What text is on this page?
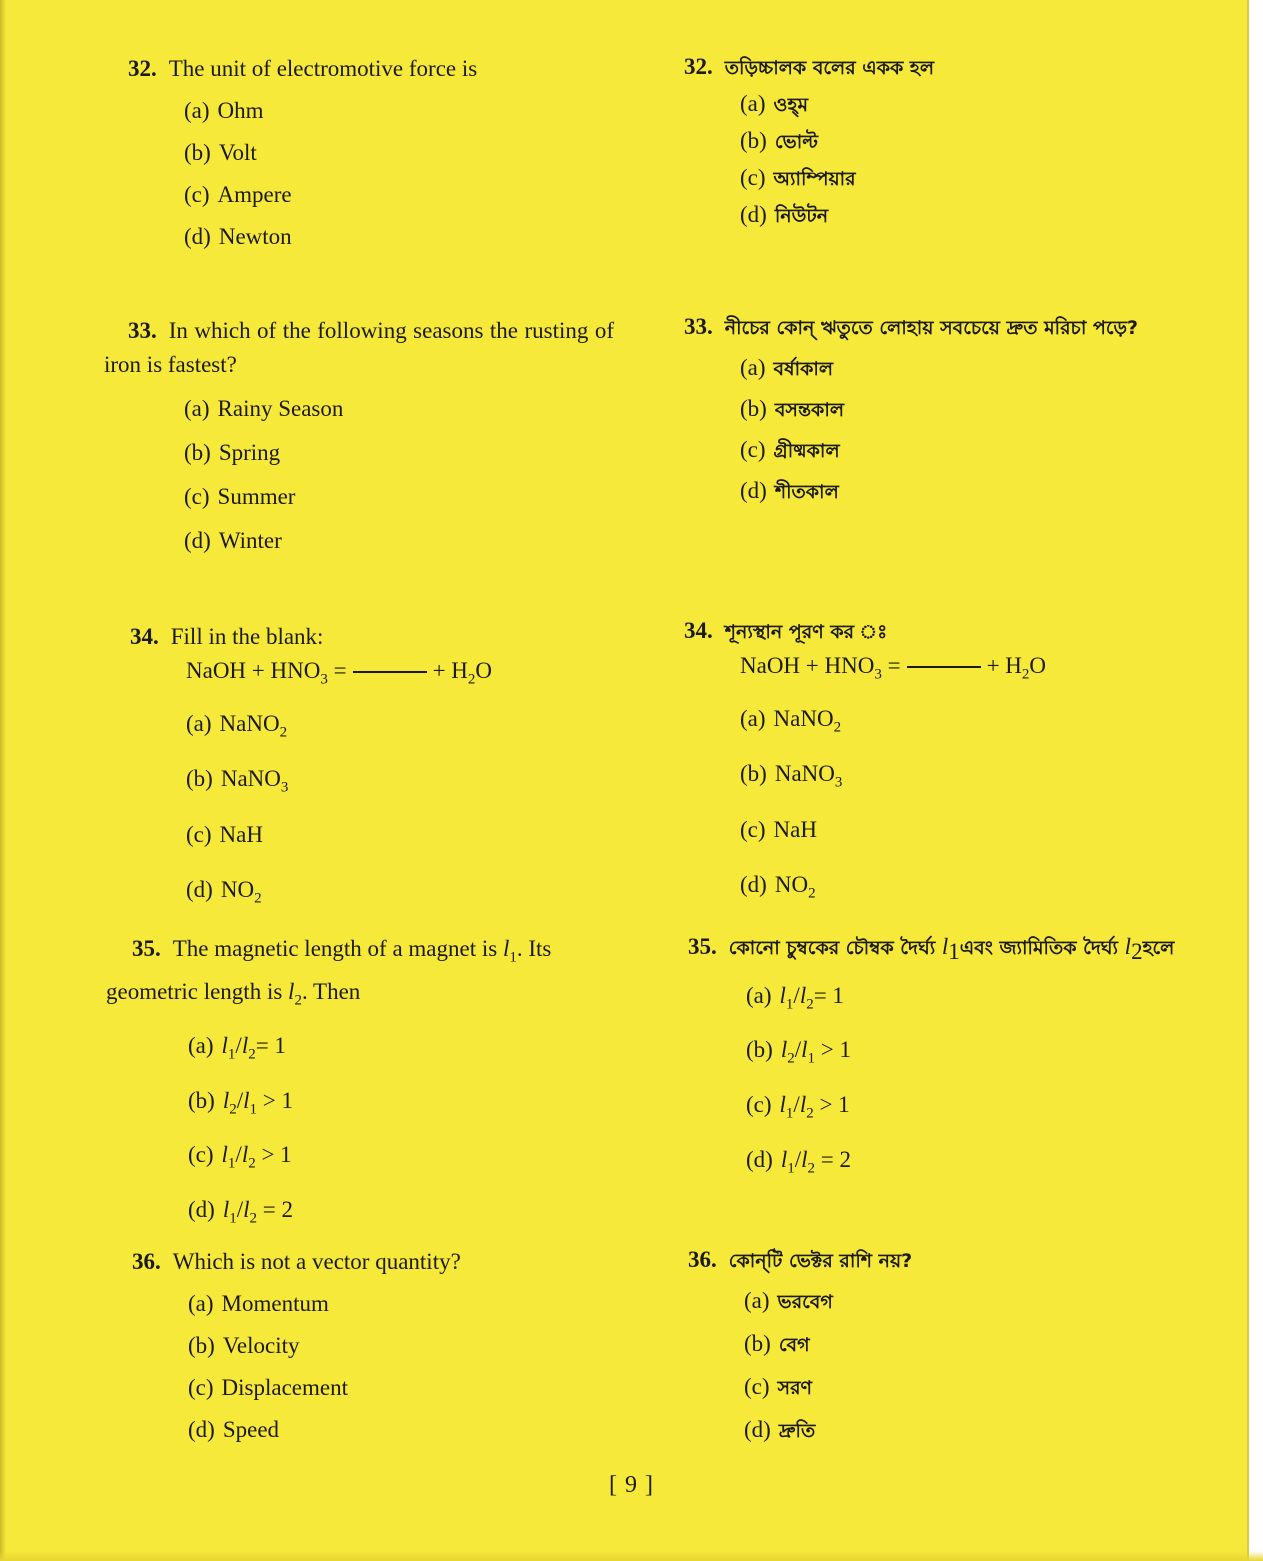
32. The unit of electromotive force is

(a) Ohm

(b) Volt

(c) Ampere

(d) Newton

33. In which of the following seasons the rusting of iron is fastest?

(a) Rainy Season

(b) Spring

(c) Summer

(d) Winter

34. Fill in the blank:

NaOH + $HNO_3$ =	+ $H_2O$

(a) NaNO$_2$

(b) NaNO$_3$

(c) NaH

(d) $NO_2$

35. The magnetic length of a magnet is $l_1$. Its geometric length is $l_2$. Then

(a) $l_1/l_2= 1$

(b) $l_2/l_1 > 1$

(c) $l_1/l_2 > 1$

(d) $l_1/l_2 = 2$

36. Which is not a vector quantity?

(a) Momentum

(b) Velocity

(c) Displacement

(d) Speed

32. তড়িচ্চালক বলের একক হল

(a) ওহ্‌ম

(b) ভোল্ট

(c) অ্যাম্পিয়ার

(d) নিউটন

33. নীচের কোন্‌ ঋতুতে লোহায় সবচেয়ে দ্রুত মরিচা পড়ে?

(a) বর্ষাকাল

(b) বসন্তকাল

(c) গ্রীষ্মকাল

(d) শীতকাল

34. শূন্যস্থান পূরণ কর ঃ

NaOH + $HNO_3$ =	+ $H_2O$

(a) NaNO$_2$

(b) NaNO$_3$

(c) NaH

(d) $NO_2$

35. কোনো চুম্বকের চৌম্বক দৈর্ঘ্য $l_1এবং$ জ্যামিতিক দৈর্ঘ্য $l_2হলে$

(a) $l_1/l_2= 1$

(b) $l_2/l_1 > 1$

(c) $l_1/l_2 > 1$

(d) $l_1/l_2 = 2$

36. কোন্‌টি ভেক্টর রাশি নয়?

(a) ভরবেগ

(b) বেগ

(c) সরণ

(d) দ্রুতি

[ 9 ]
